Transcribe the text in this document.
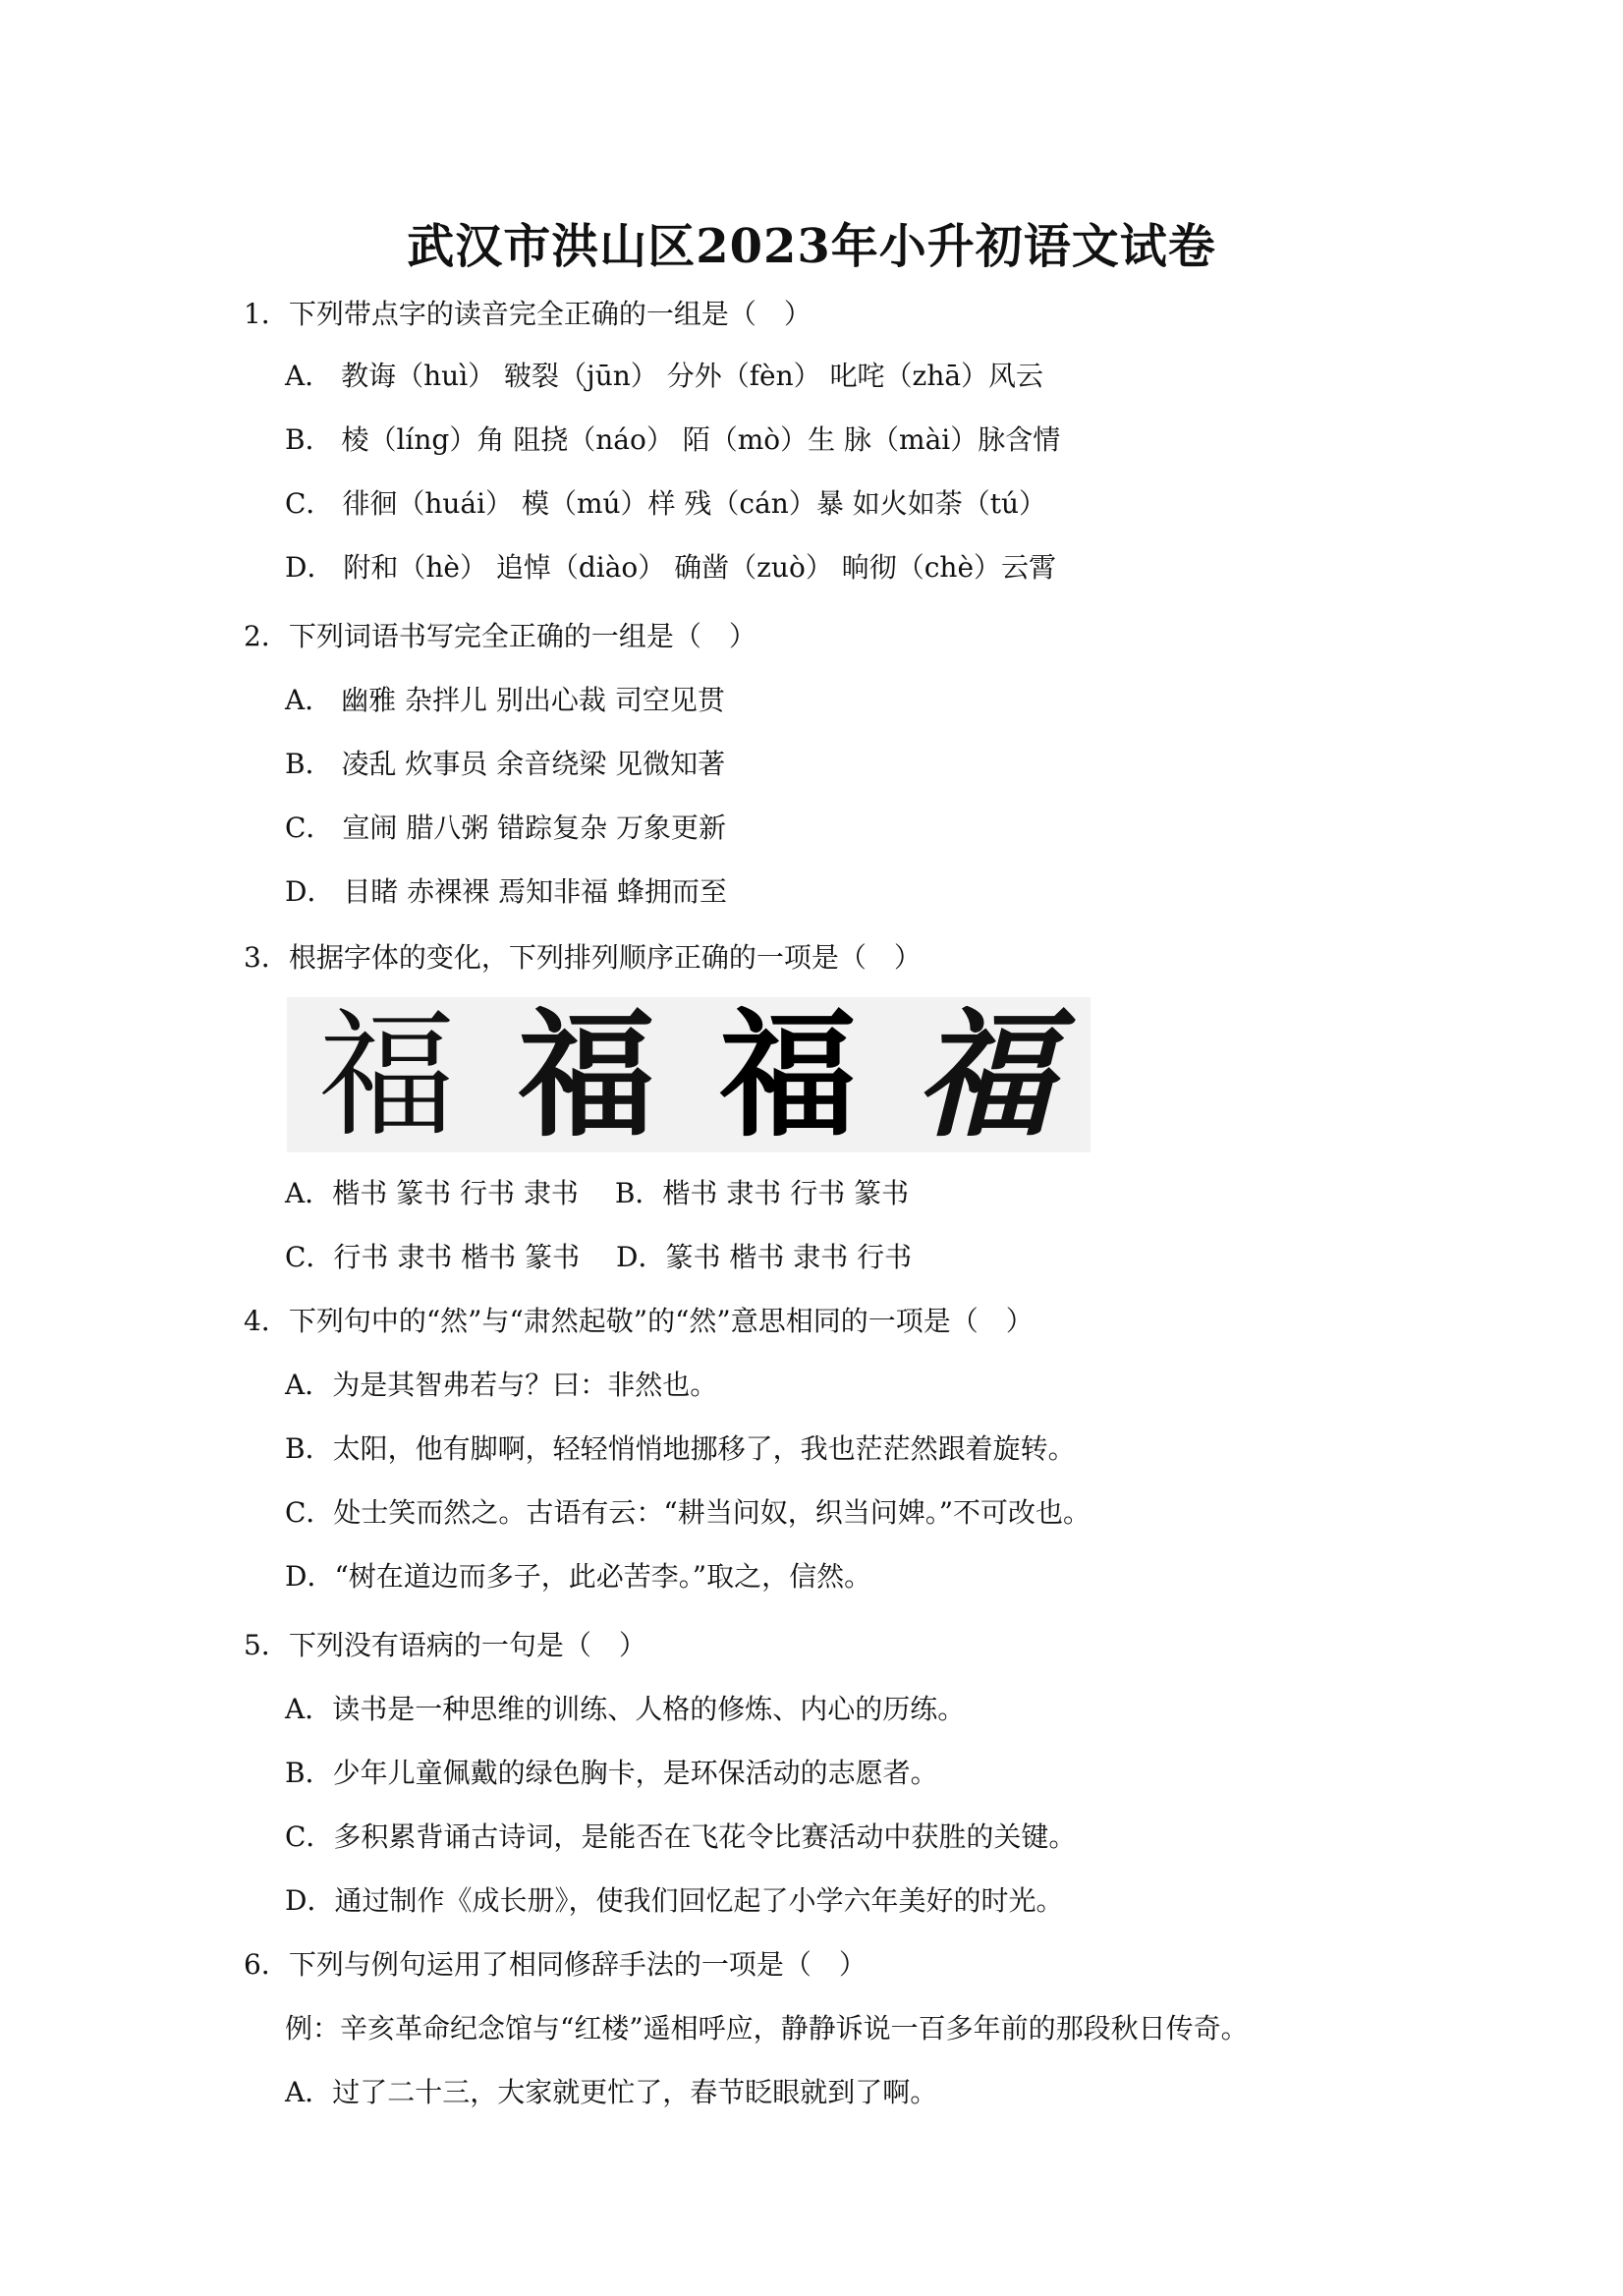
武汉市洪山区2023年小升初语文试卷
1．下列带点字的读音完全正确的一组是（　）
A． 教诲（huì） 皲裂（jūn） 分外（fèn） 叱咤（zhā）风云
B． 棱（líng）角 阻挠（náo） 陌（mò）生 脉（mài）脉含情
C． 徘徊（huái） 模（mú）样 残（cán）暴 如火如荼（tú）
D． 附和（hè） 追悼（diào） 确凿（zuò） 晌彻（chè）云霄
2．下列词语书写完全正确的一组是（　）
A． 幽雅 杂拌儿 别出心裁 司空见贯
B． 凌乱 炊事员 余音绕梁 见微知著
C． 宣闹 腊八粥 错踪复杂 万象更新
D． 目睹 赤裸裸 焉知非福 蜂拥而至
3．根据字体的变化，下列排列顺序正确的一项是（　）
福 福 福 福
A．楷书 篆书 行书 隶书　 B．楷书 隶书 行书 篆书
C．行书 隶书 楷书 篆书　 D．篆书 楷书 隶书 行书
4．下列句中的“然”与“肃然起敬”的“然”意思相同的一项是（　）
A．为是其智弗若与？曰：非然也。
B．太阳，他有脚啊，轻轻悄悄地挪移了，我也茫茫然跟着旋转。
C．处士笑而然之。古语有云：“耕当问奴，织当问婢。”不可改也。
D．“树在道边而多子，此必苦李。”取之，信然。
5．下列没有语病的一句是（　）
A．读书是一种思维的训练、人格的修炼、内心的历练。
B．少年儿童佩戴的绿色胸卡，是环保活动的志愿者。
C．多积累背诵古诗词，是能否在飞花令比赛活动中获胜的关键。
D．通过制作《成长册》，使我们回忆起了小学六年美好的时光。
6．下列与例句运用了相同修辞手法的一项是（　）
例：辛亥革命纪念馆与“红楼”遥相呼应，静静诉说一百多年前的那段秋日传奇。
A．过了二十三，大家就更忙了，春节眨眼就到了啊。
